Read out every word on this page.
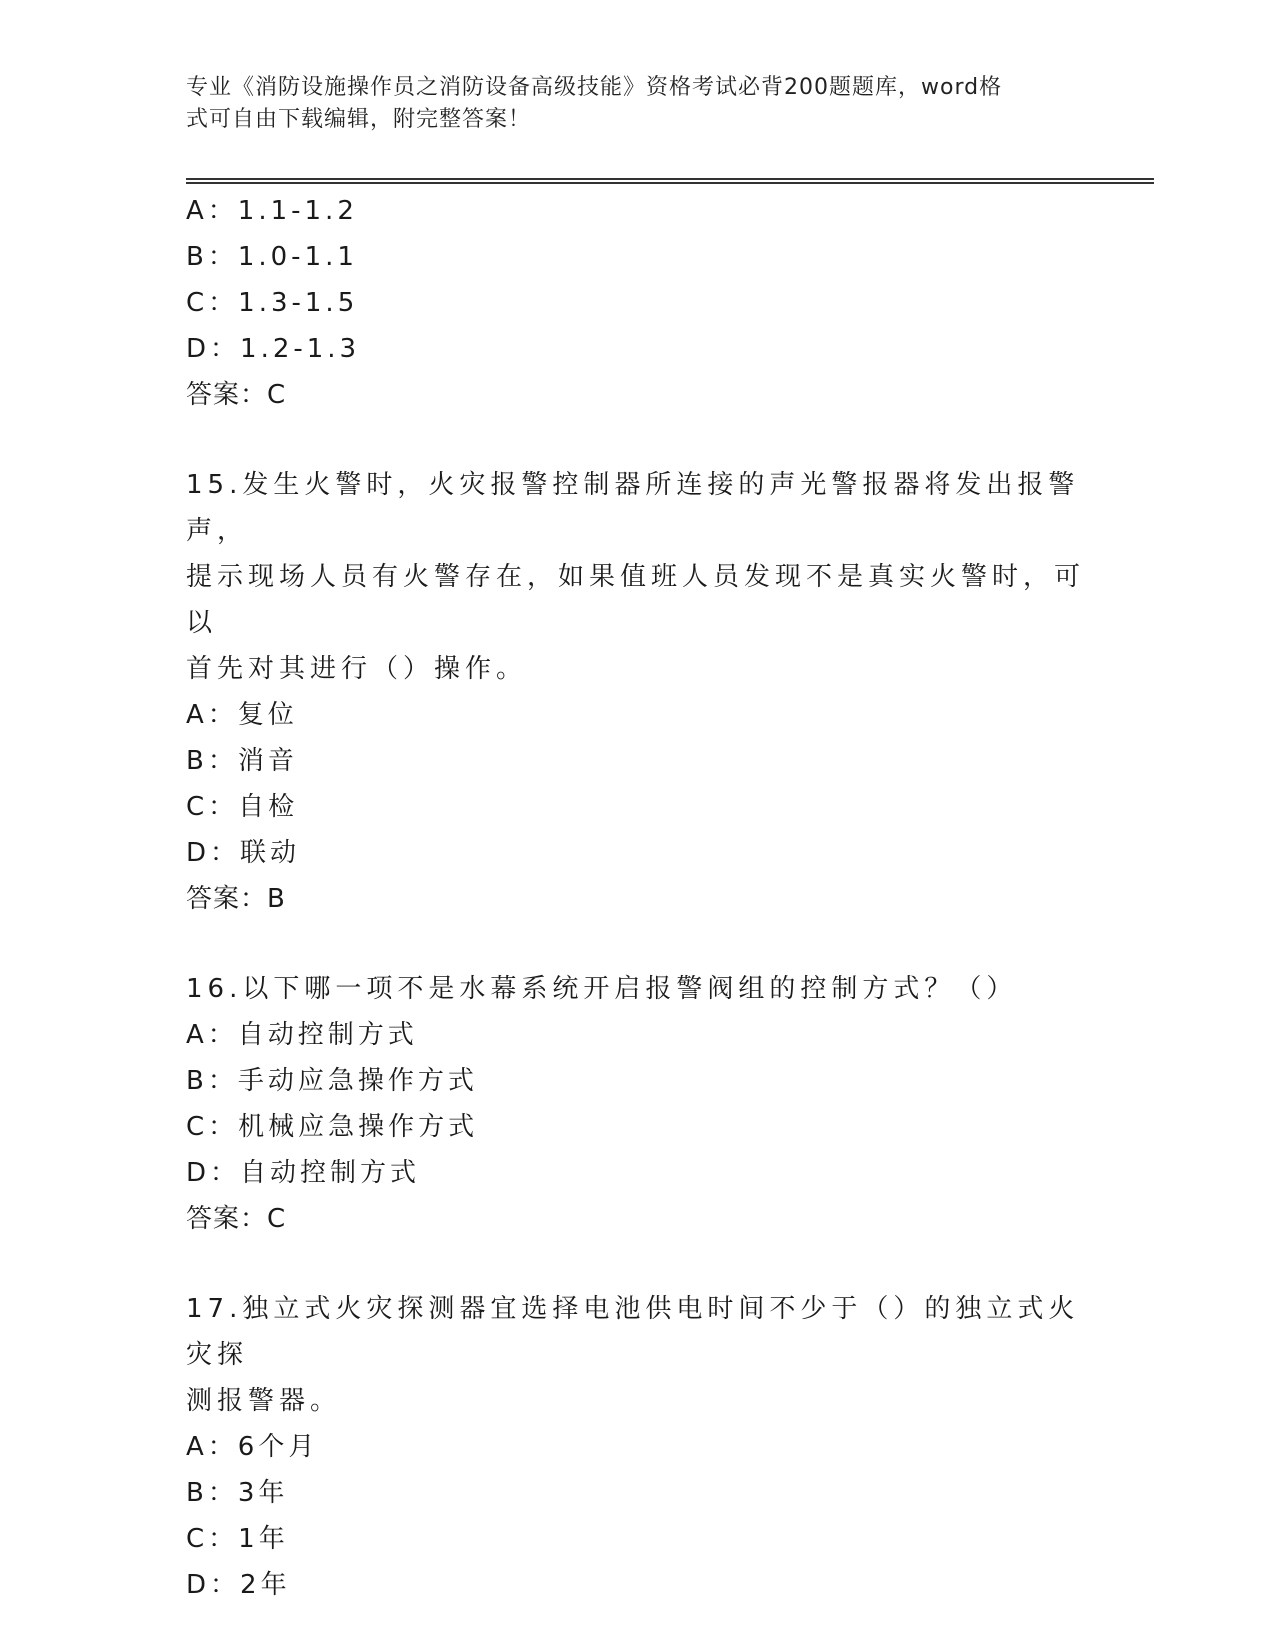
专业《消防设施操作员之消防设备高级技能》资格考试必背200题题库，word格
式可自由下载编辑，附完整答案！
A：1.1-1.2
B：1.0-1.1
C：1.3-1.5
D：1.2-1.3
答案：C
15.发生火警时，火灾报警控制器所连接的声光警报器将发出报警声，
提示现场人员有火警存在，如果值班人员发现不是真实火警时，可以
首先对其进行（）操作。
A：复位
B：消音
C：自检
D：联动
答案：B
16.以下哪一项不是水幕系统开启报警阀组的控制方式？（）
A：自动控制方式
B：手动应急操作方式
C：机械应急操作方式
D：自动控制方式
答案：C
17.独立式火灾探测器宜选择电池供电时间不少于（）的独立式火灾探
测报警器。
A：6个月
B：3年
C：1年
D：2年
